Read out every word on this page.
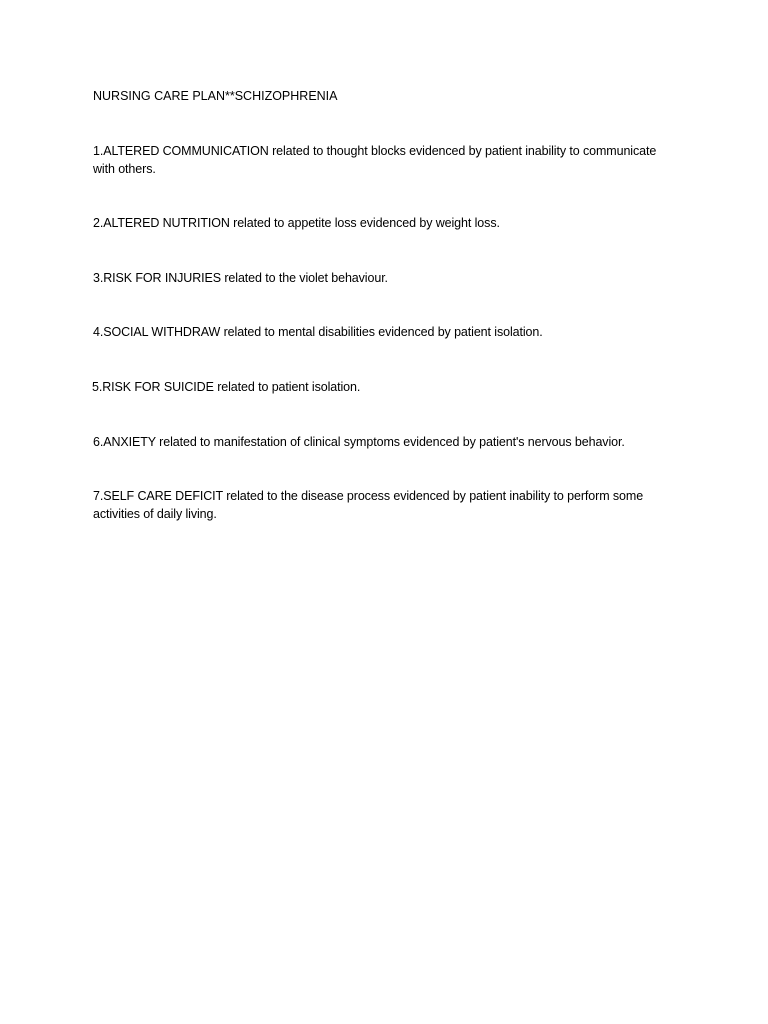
NURSING CARE PLAN**SCHIZOPHRENIA

1.ALTERED COMMUNICATION related to thought blocks evidenced by patient inability to communicate with others.

2.ALTERED NUTRITION related to appetite loss evidenced by weight loss.

3.RISK FOR INJURIES related to the violet behaviour.

4.SOCIAL WITHDRAW related to mental disabilities evidenced by patient isolation.

5.RISK FOR SUICIDE related to patient isolation.

6.ANXIETY related to manifestation of clinical symptoms evidenced by patient's nervous behavior.

7.SELF CARE DEFICIT related to the disease process evidenced by patient inability to perform some activities of daily living.
